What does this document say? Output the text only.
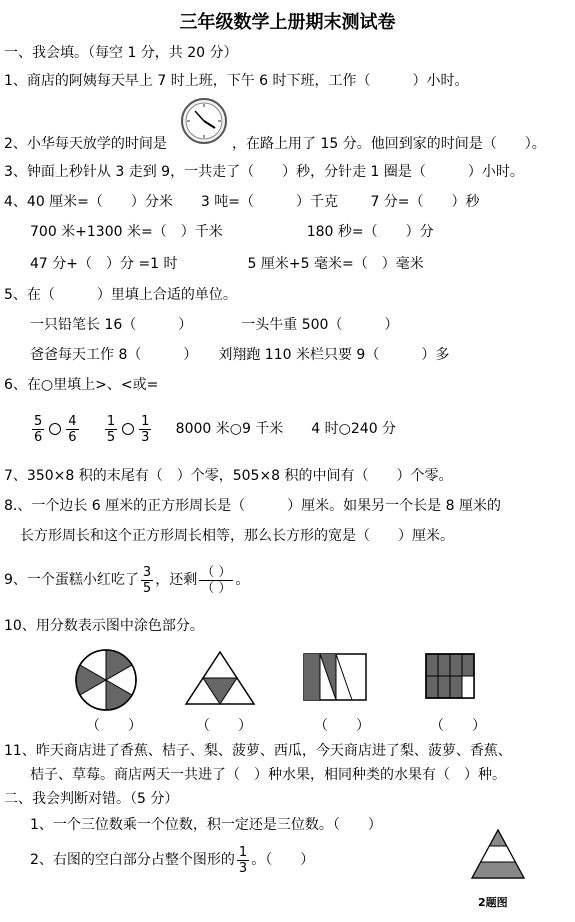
三年级数学上册期末测试卷
一、我会填。（每空 1 分，共 20 分）
1、商店的阿姨每天早上 7 时上班，下午 6 时下班，工作（　　　）小时。
2、小华每天放学的时间是	，在路上用了 15 分。他回到家的时间是（　　）。
3、钟面上秒针从 3 走到 9，一共走了（　　）秒，分针走 1 圈是（　　　）小时。
4、40 厘米=（　　）分米　　3 吨=（　　　）千克　　 7 分=（　　）秒
700 米+1300 米=（　）千米　　　　　　180 秒=（　　）分
47 分+（　）分 =1 时　　　　　5 厘米+5 毫米=（　）毫米
5、在（　　　）里填上合适的单位。
一只铅笔长 16（　　　）　　　　一头牛重 500（　　　）
爸爸每天工作 8（　　　）　　刘翔跑 110 米栏只要 9（　　　）多
6、在○里填上>、<或=
$\frac{5}{6} \frac{4}{6}$
$\frac{1}{5} \frac{1}{3} 8000$ 米○9 千米　　4 时○240 分
7、350×8 积的末尾有（　）个零，505×8 积的中间有（　　）个零。
8.、一个边长 6 厘米的正方形周长是（　　　）厘米。如果另一个长是 8 厘米的
长方形周长和这个正方形周长相等，那么长方形的宽是（　　）厘米。
9、一个蛋糕小红吃了 $\frac{3}{5}$ ，还剩 $\frac{( )}{( )}$ 。
10、用分数表示图中涂色部分。
（　　）	（　　）	（　　）	（　　）
11、昨天商店进了香蕉、桔子、梨、菠萝、西瓜，今天商店进了梨、菠萝、香蕉、
桔子、草莓。商店两天一共进了（　）种水果，相同种类的水果有（　）种。
二、我会判断对错。（5 分）
1、一个三位数乘一个位数，积一定还是三位数。（　　）
2、右图的空白部分占整个图形的 $\frac{1}{3}$ 。（　　）
2题图
